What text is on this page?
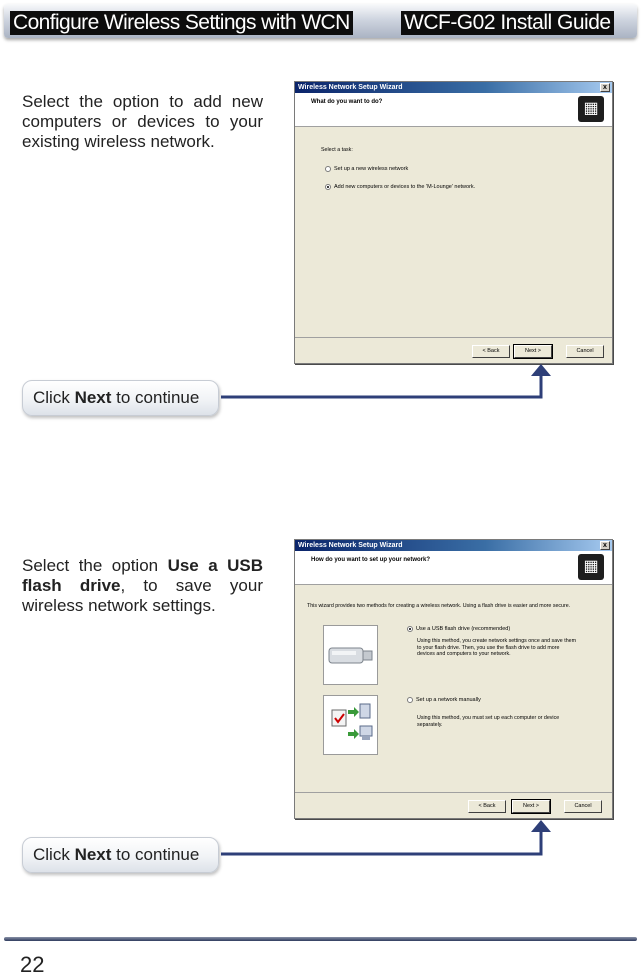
Configure Wireless Settings with WCN	WCF-G02 Install Guide

Select the option to add new computers or devices to your existing wireless network.

Wireless Network Setup Wizard	x
What do you want to do?	▦
Select a task:
Set up a new wireless network
Add new computers or devices to the 'M-Lounge' network.
< Back	Next >	Cancel
Click Next to continue

Select the option Use a USB flash drive, to save your wireless network settings.

Wireless Network Setup Wizard	x
How do you want to set up your network?	▦
This wizard provides two methods for creating a wireless network. Using a flash drive is easier and more secure.
Use a USB flash drive (recommended)
Using this method, you create network settings once and save them to your flash drive. Then, you use the flash drive to add more devices and computers to your network.
Set up a network manually
Using this method, you must set up each computer or device separately.
< Back	Next >	Cancel
Click Next to continue
22
